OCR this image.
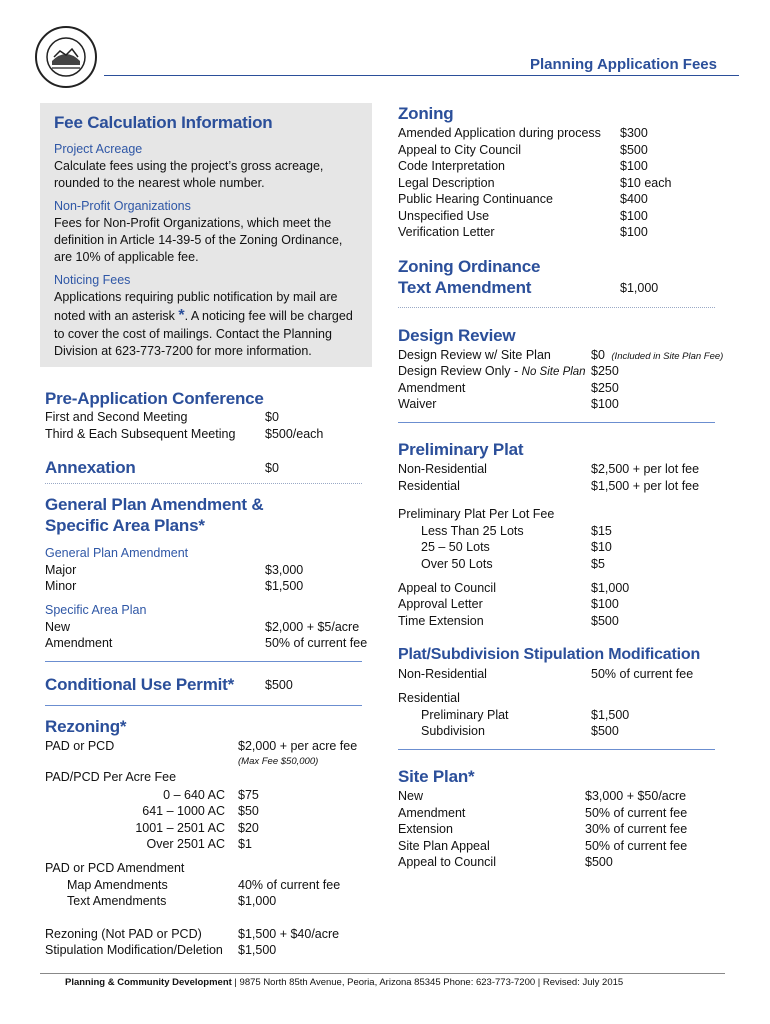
Planning Application Fees
Fee Calculation Information
Project Acreage
Calculate fees using the project’s gross acreage,
rounded to the nearest whole number.
Non-Profit Organizations
Fees for Non-Profit Organizations, which meet the
definition in Article 14-39-5 of the Zoning Ordinance,
are 10% of applicable fee.
Noticing Fees
Applications requiring public notification by mail are
noted with an asterisk *. A noticing fee will be charged
to cover the cost of mailings. Contact the Planning
Division at 623-773-7200 for more information.
Pre-Application Conference
First and Second Meeting	$0
Third & Each Subsequent Meeting $500/each
Annexation	$0
General Plan Amendment &
Specific Area Plans*
General Plan Amendment
Major	$3,000
Minor	$1,500
Specific Area Plan
New	$2,000 + $5/acre
Amendment	50% of current fee
Conditional Use Permit* $500
Rezoning*
PAD or PCD	$2,000 + per acre fee
(Max Fee $50,000)
PAD/PCD Per Acre Fee
0 – 640 AC $75
641 – 1000 AC $50
1001 – 2501 AC $20
Over 2501 AC $1
PAD or PCD Amendment
Map Amendments	40% of current fee
Text Amendments	$1,000
Rezoning (Not PAD or PCD)	$1,500 + $40/acre
Stipulation Modification/Deletion $1,500
Zoning
Amended Application during process $300
Appeal to City Council	$500
Code Interpretation	$100
Legal Description	$10 each
Public Hearing Continuance	$400
Unspecified Use	$100
Verification Letter	$100
Zoning Ordinance
Text Amendment	$1,000
Design Review
Design Review w/ Site Plan	$0 (Included in Site Plan Fee)
Design Review Only - No Site Plan $250
Amendment	$250
Waiver	$100
Preliminary Plat
Non-Residential	$2,500 + per lot fee
Residential	$1,500 + per lot fee
Preliminary Plat Per Lot Fee
Less Than 25 Lots	$15
25 – 50 Lots	$10
Over 50 Lots	$5
Appeal to Council	$1,000
Approval Letter	$100
Time Extension	$500
Plat/Subdivision Stipulation Modification
Non-Residential	50% of current fee
Residential
Preliminary Plat	$1,500
Subdivision	$500
Site Plan*
New	$3,000 + $50/acre
Amendment	50% of current fee
Extension	30% of current fee
Site Plan Appeal	50% of current fee
Appeal to Council	$500
Planning & Community Development | 9875 North 85th Avenue, Peoria, Arizona 85345 Phone: 623-773-7200 | Revised: July 2015
